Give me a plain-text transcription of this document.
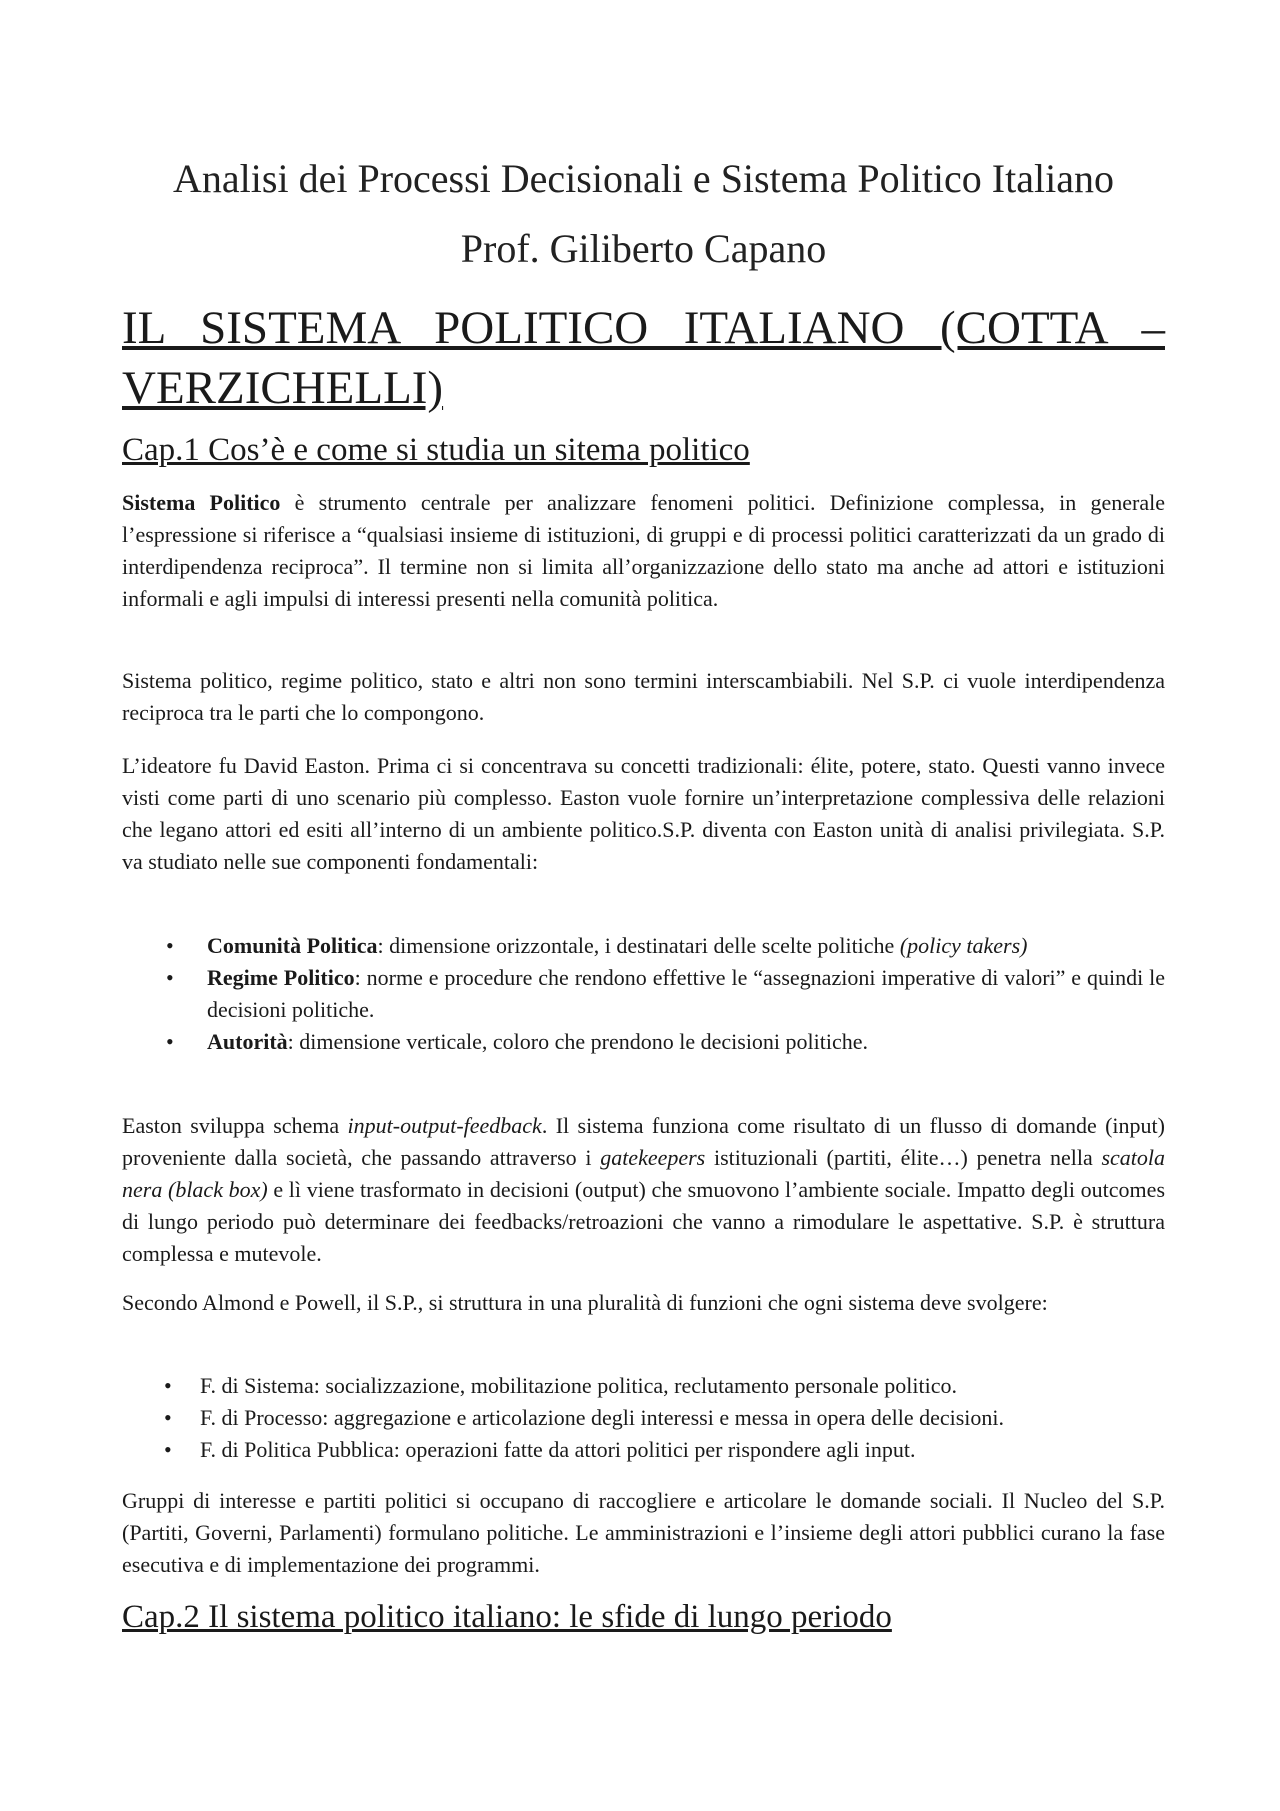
Analisi dei Processi Decisionali e Sistema Politico Italiano
Prof. Giliberto Capano
IL SISTEMA POLITICO ITALIANO (COTTA – VERZICHELLI)
Cap.1 Cos’è e come si studia un sitema politico

Sistema Politico è strumento centrale per analizzare fenomeni politici. Definizione complessa, in generale l’espressione si riferisce a “qualsiasi insieme di istituzioni, di gruppi e di processi politici caratterizzati da un grado di interdipendenza reciproca”. Il termine non si limita all’organizzazione dello stato ma anche ad attori e istituzioni informali e agli impulsi di interessi presenti nella comunità politica.

Sistema politico, regime politico, stato e altri non sono termini interscambiabili. Nel S.P. ci vuole interdipendenza reciproca tra le parti che lo compongono.

L’ideatore fu David Easton. Prima ci si concentrava su concetti tradizionali: élite, potere, stato. Questi vanno invece visti come parti di uno scenario più complesso. Easton vuole fornire un’interpretazione complessiva delle relazioni che legano attori ed esiti all’interno di un ambiente politico.S.P. diventa con Easton unità di analisi privilegiata. S.P. va studiato nelle sue componenti fondamentali:

• Comunità Politica: dimensione orizzontale, i destinatari delle scelte politiche (policy takers)
• Regime Politico: norme e procedure che rendono effettive le “assegnazioni imperative di valori” e quindi le decisioni politiche.
• Autorità: dimensione verticale, coloro che prendono le decisioni politiche.

Easton sviluppa schema input-output-feedback. Il sistema funziona come risultato di un flusso di domande (input) proveniente dalla società, che passando attraverso i gatekeepers istituzionali (partiti, élite…) penetra nella scatola nera (black box) e lì viene trasformato in decisioni (output) che smuovono l’ambiente sociale. Impatto degli outcomes di lungo periodo può determinare dei feedbacks/retroazioni che vanno a rimodulare le aspettative. S.P. è struttura complessa e mutevole.

Secondo Almond e Powell, il S.P., si struttura in una pluralità di funzioni che ogni sistema deve svolgere:

• F. di Sistema: socializzazione, mobilitazione politica, reclutamento personale politico.
• F. di Processo: aggregazione e articolazione degli interessi e messa in opera delle decisioni.
• F. di Politica Pubblica: operazioni fatte da attori politici per rispondere agli input.

Gruppi di interesse e partiti politici si occupano di raccogliere e articolare le domande sociali. Il Nucleo del S.P. (Partiti, Governi, Parlamenti) formulano politiche. Le amministrazioni e l’insieme degli attori pubblici curano la fase esecutiva e di implementazione dei programmi.

Cap.2 Il sistema politico italiano: le sfide di lungo periodo
